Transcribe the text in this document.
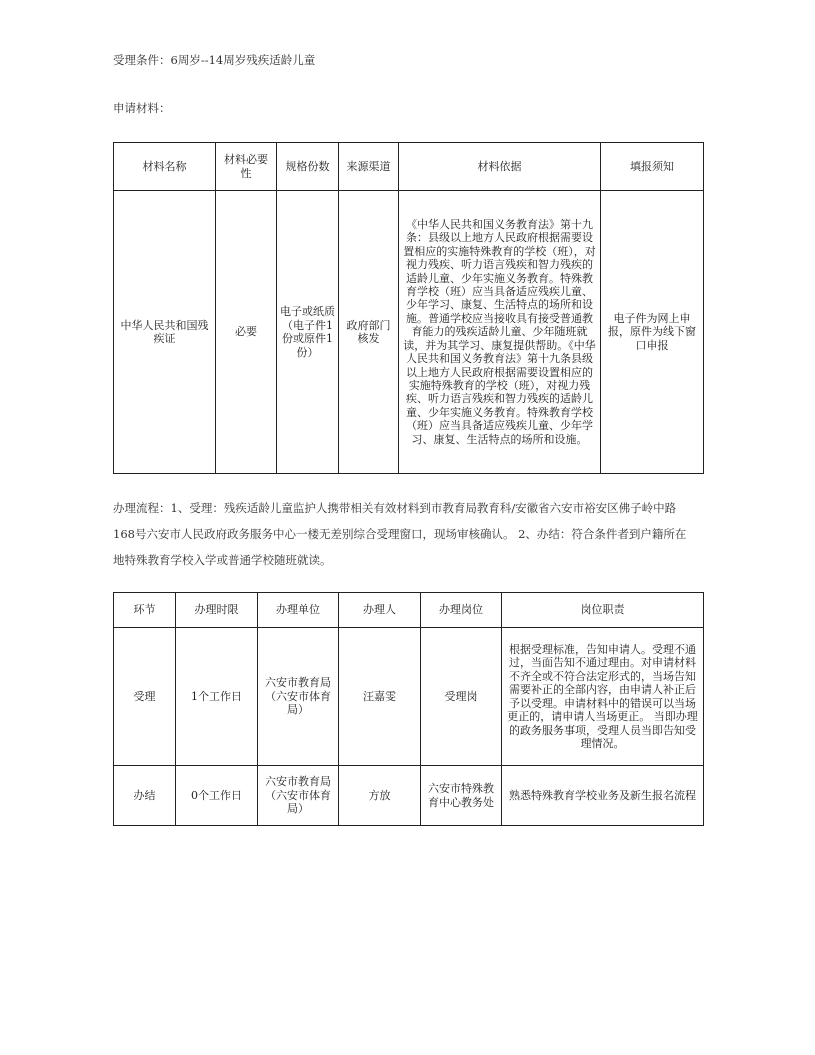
受理条件：6周岁--14周岁残疾适龄儿童
申请材料：
材料名称	材料必要性	规格份数	来源渠道	材料依据	填报须知
中华人民共和国残疾证	必要	电子或纸质（电子件1份或原件1份）	政府部门核发	《中华人民共和国义务教育法》第十九条：县级以上地方人民政府根据需要设置相应的实施特殊教育的学校（班），对视力残疾、听力语言残疾和智力残疾的适龄儿童、少年实施义务教育。特殊教育学校（班）应当具备适应残疾儿童、少年学习、康复、生活特点的场所和设施。普通学校应当接收具有接受普通教育能力的残疾适龄儿童、少年随班就读，并为其学习、康复提供帮助。《中华人民共和国义务教育法》第十九条县级以上地方人民政府根据需要设置相应的实施特殊教育的学校（班），对视力残疾、听力语言残疾和智力残疾的适龄儿童、少年实施义务教育。特殊教育学校（班）应当具备适应残疾儿童、少年学习、康复、生活特点的场所和设施。	电子件为网上申报，原件为线下窗口申报
办理流程：1、受理：残疾适龄儿童监护人携带相关有效材料到市教育局教育科/安徽省六安市裕安区佛子岭中路168号六安市人民政府政务服务中心一楼无差别综合受理窗口，现场审核确认。 2、办结：符合条件者到户籍所在地特殊教育学校入学或普通学校随班就读。
环节	办理时限	办理单位	办理人	办理岗位	岗位职责
受理	1个工作日	六安市教育局（六安市体育局）	汪嘉雯	受理岗	根据受理标准，告知申请人。受理不通过，当面告知不通过理由。对申请材料不齐全或不符合法定形式的，当场告知需要补正的全部内容，由申请人补正后予以受理。申请材料中的错误可以当场更正的，请申请人当场更正。 当即办理的政务服务事项，受理人员当即告知受理情况。
办结	0个工作日	六安市教育局（六安市体育局）	方放	六安市特殊教育中心教务处	熟悉特殊教育学校业务及新生报名流程
